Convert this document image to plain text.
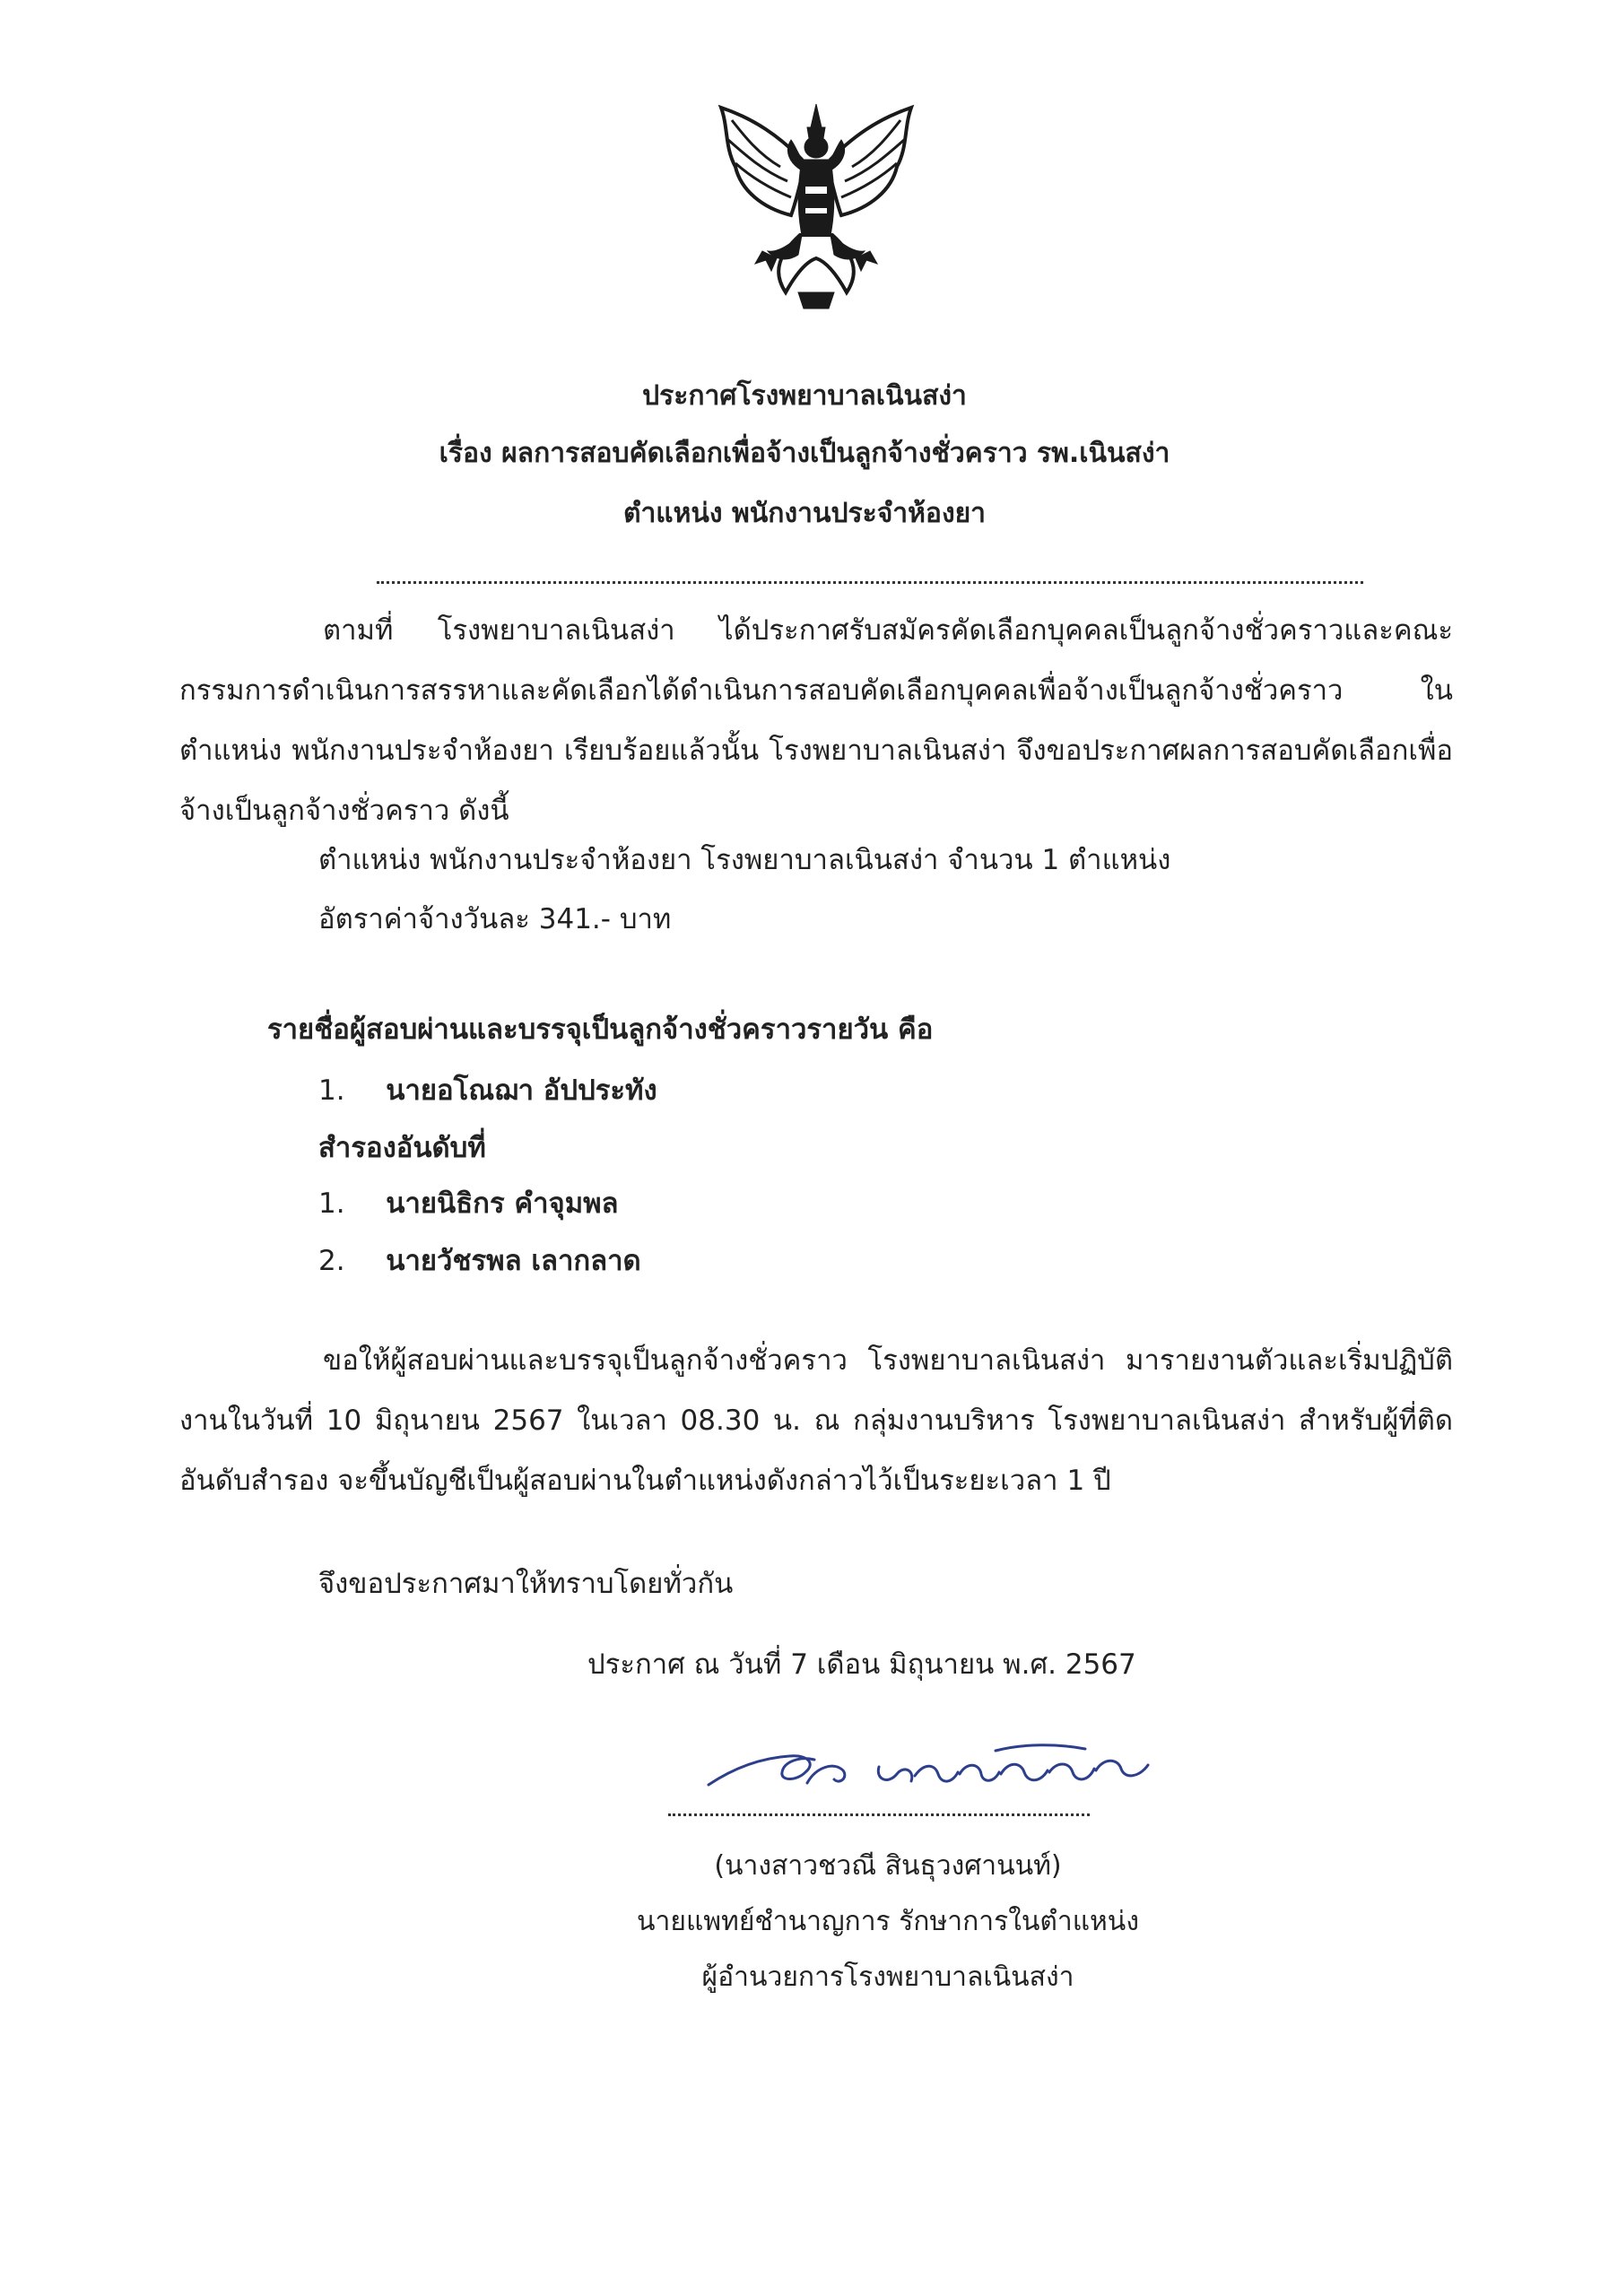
ประกาศโรงพยาบาลเนินสง่า
เรื่อง ผลการสอบคัดเลือกเพื่อจ้างเป็นลูกจ้างชั่วคราว รพ.เนินสง่า
ตำแหน่ง พนักงานประจำห้องยา

ตามที่ โรงพยาบาลเนินสง่า ได้ประกาศรับสมัครคัดเลือกบุคคลเป็นลูกจ้างชั่วคราวและคณะกรรมการดำเนินการสรรหาและคัดเลือกได้ดำเนินการสอบคัดเลือกบุคคลเพื่อจ้างเป็นลูกจ้างชั่วคราว ในตำแหน่ง พนักงานประจำห้องยา เรียบร้อยแล้วนั้น โรงพยาบาลเนินสง่า จึงขอประกาศผลการสอบคัดเลือกเพื่อจ้างเป็นลูกจ้างชั่วคราว ดังนี้

ตำแหน่ง พนักงานประจำห้องยา โรงพยาบาลเนินสง่า จำนวน 1 ตำแหน่ง
อัตราค่าจ้างวันละ 341.- บาท
รายชื่อผู้สอบผ่านและบรรจุเป็นลูกจ้างชั่วคราวรายวัน คือ
1. นายอโณฌา อัปประทัง
สำรองอันดับที่
1. นายนิธิกร คำจุมพล
2. นายวัชรพล เลากลาด

ขอให้ผู้สอบผ่านและบรรจุเป็นลูกจ้างชั่วคราว โรงพยาบาลเนินสง่า มารายงานตัวและเริ่มปฏิบัติงานในวันที่ 10 มิถุนายน 2567 ในเวลา 08.30 น. ณ กลุ่มงานบริหาร โรงพยาบาลเนินสง่า สำหรับผู้ที่ติดอันดับสำรอง จะขึ้นบัญชีเป็นผู้สอบผ่านในตำแหน่งดังกล่าวไว้เป็นระยะเวลา 1 ปี

จึงขอประกาศมาให้ทราบโดยทั่วกัน
ประกาศ ณ วันที่ 7 เดือน มิถุนายน พ.ศ. 2567
(นางสาวชวณี สินธุวงศานนท์)
นายแพทย์ชำนาญการ รักษาการในตำแหน่ง
ผู้อำนวยการโรงพยาบาลเนินสง่า
